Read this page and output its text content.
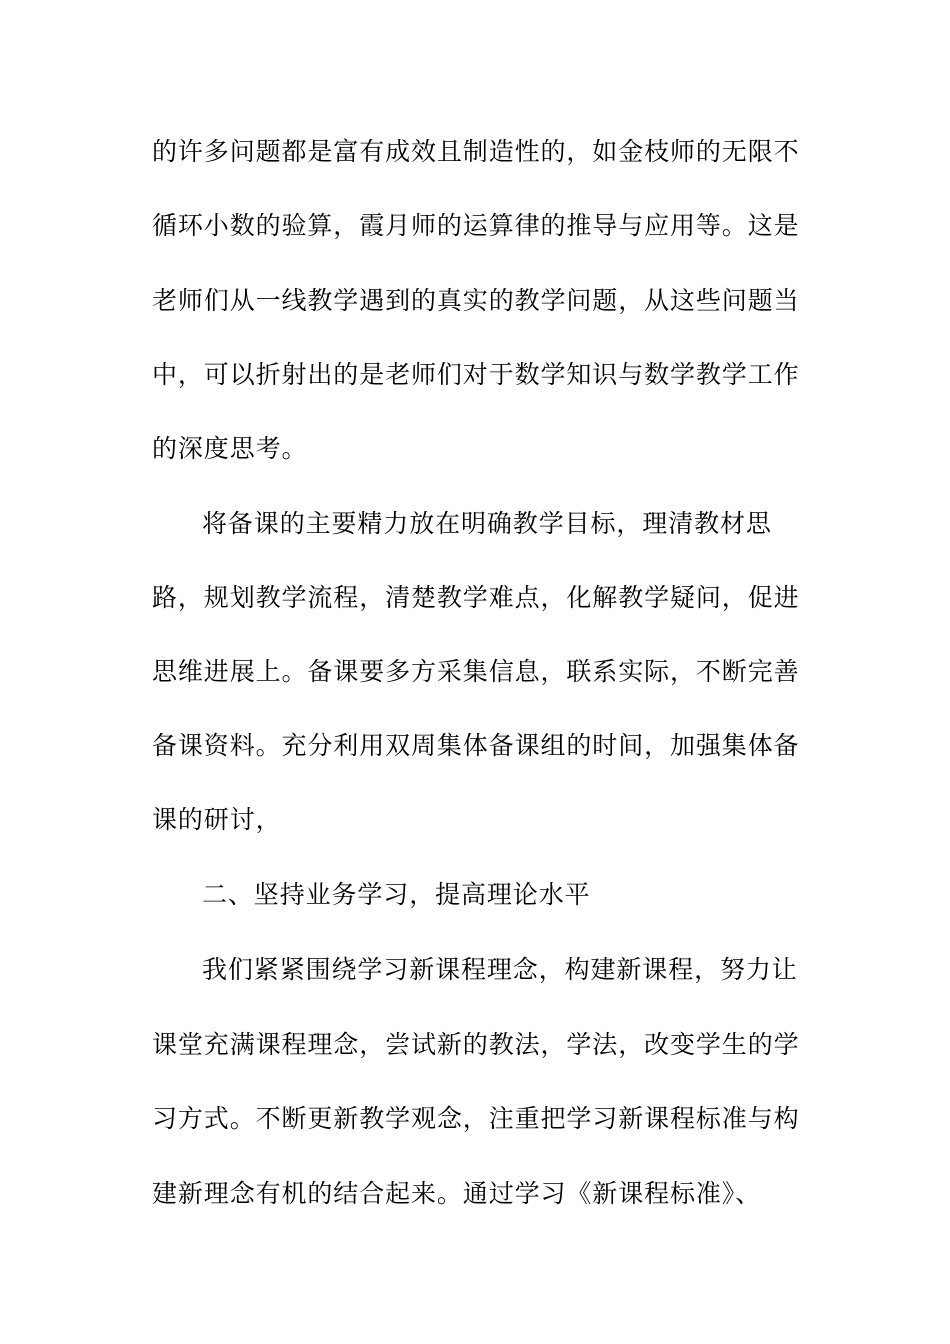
的许多问题都是富有成效且制造性的，如金枝师的无限不
循环小数的验算，霞月师的运算律的推导与应用等。这是
老师们从一线教学遇到的真实的教学问题，从这些问题当
中，可以折射出的是老师们对于数学知识与数学教学工作
的深度思考。
将备课的主要精力放在明确教学目标，理清教材思
路，规划教学流程，清楚教学难点，化解教学疑问，促进
思维进展上。备课要多方采集信息，联系实际，不断完善
备课资料。充分利用双周集体备课组的时间，加强集体备
课的研讨，
二、坚持业务学习，提高理论水平
我们紧紧围绕学习新课程理念，构建新课程，努力让
课堂充满课程理念，尝试新的教法，学法，改变学生的学
习方式。不断更新教学观念，注重把学习新课程标准与构
建新理念有机的结合起来。通过学习《新课程标准》、
